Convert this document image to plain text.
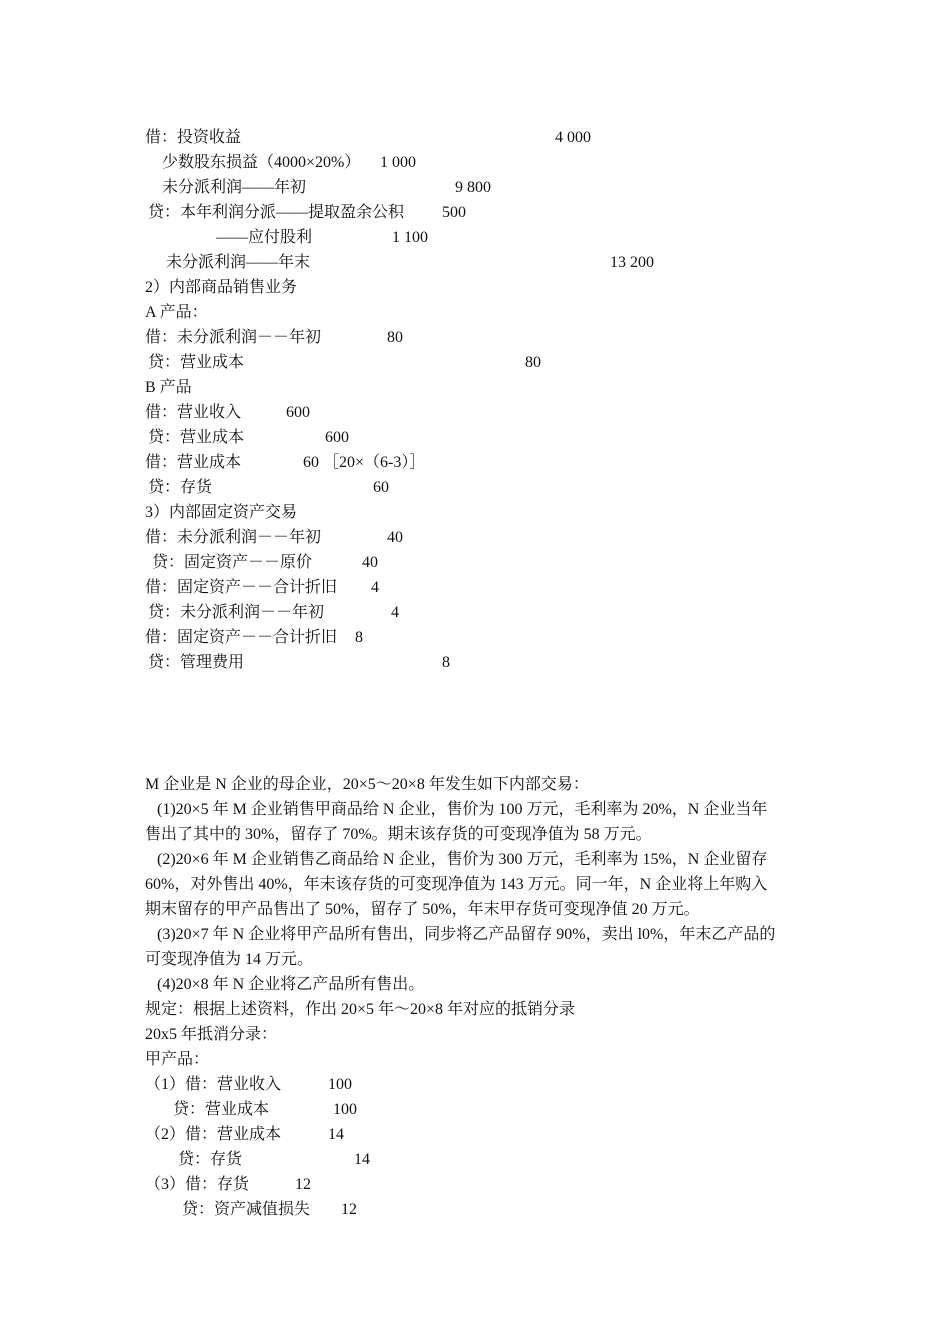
借：投资收益	4 000
少数股东损益（4000×20%） 1 000
未分派利润——年初	9 800
贷：本年利润分派——提取盈余公积 500
——应付股利	1 100
未分派利润——年末	13 200
2）内部商品销售业务
A 产品：
借：未分派利润－－年初	80
贷：营业成本	80
B 产品
借：营业收入	600
贷：营业成本	600
借：营业成本	60 ［20×（6-3）］
贷：存货	60
3）内部固定资产交易
借：未分派利润－－年初	40
贷：固定资产－－原价	40
借：固定资产－－合计折旧 4
贷：未分派利润－－年初	4
借：固定资产－－合计折旧 8
贷：管理费用	8
M 企业是 N 企业的母企业，20×5～20×8 年发生如下内部交易：
(1)20×5 年 M 企业销售甲商品给 N 企业，售价为 100 万元，毛利率为 20%，N 企业当年
售出了其中的 30%，留存了 70%。期末该存货的可变现净值为 58 万元。
(2)20×6 年 M 企业销售乙商品给 N 企业，售价为 300 万元，毛利率为 15%，N 企业留存
60%，对外售出 40%，年末该存货的可变现净值为 143 万元。同一年，N 企业将上年购入
期末留存的甲产品售出了 50%，留存了 50%，年末甲存货可变现净值 20 万元。
(3)20×7 年 N 企业将甲产品所有售出，同步将乙产品留存 90%，卖出 l0%，年末乙产品的
可变现净值为 14 万元。
(4)20×8 年 N 企业将乙产品所有售出。
规定：根据上述资料，作出 20×5 年～20×8 年对应的抵销分录
20x5 年抵消分录：
甲产品：
（1）借：营业收入	100
贷：营业成本	100
（2）借：营业成本	14
贷：存货	14
（3）借：存货	12
贷：资产减值损失 12
